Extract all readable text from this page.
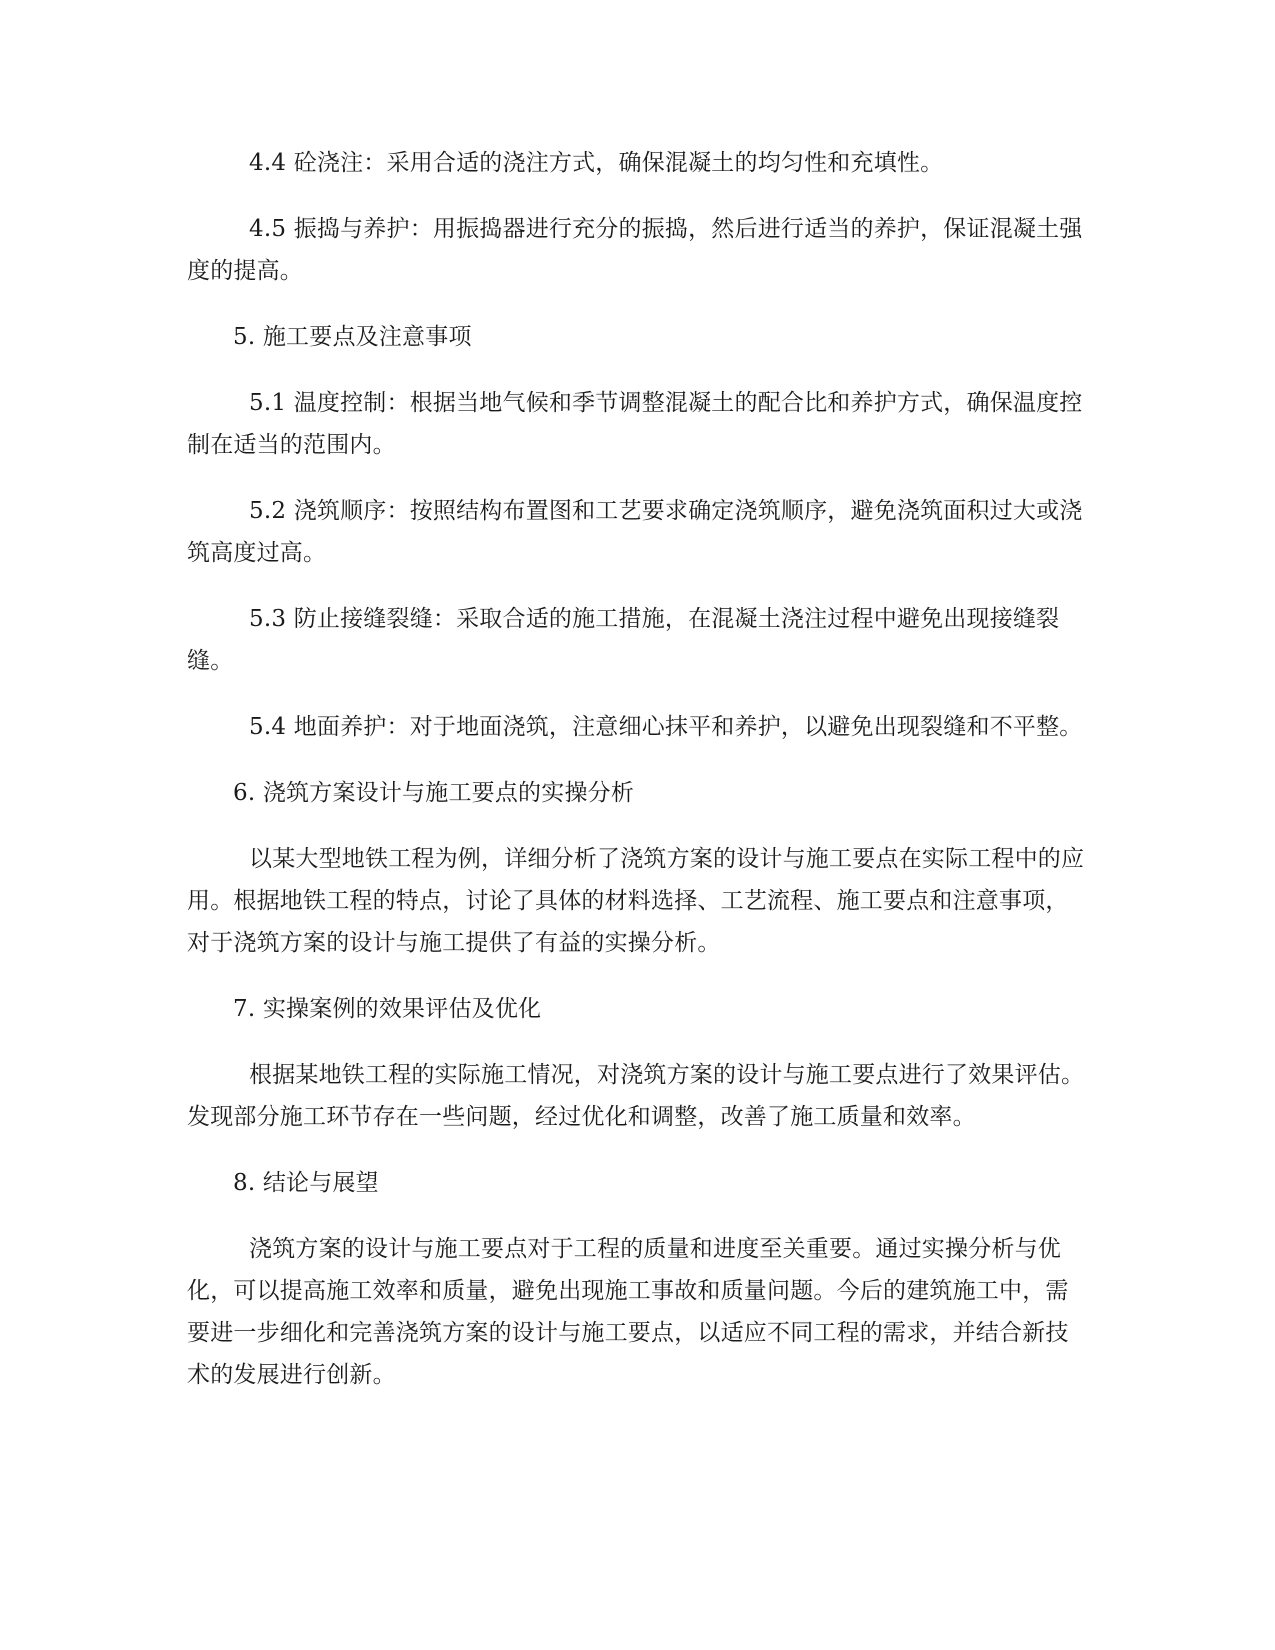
4.4 砼浇注：采用合适的浇注方式，确保混凝土的均匀性和充填性。

4.5 振捣与养护：用振捣器进行充分的振捣，然后进行适当的养护，保证混凝土强度的提高。

5. 施工要点及注意事项

5.1 温度控制：根据当地气候和季节调整混凝土的配合比和养护方式，确保温度控制在适当的范围内。

5.2 浇筑顺序：按照结构布置图和工艺要求确定浇筑顺序，避免浇筑面积过大或浇筑高度过高。

5.3 防止接缝裂缝：采取合适的施工措施，在混凝土浇注过程中避免出现接缝裂缝。

5.4 地面养护：对于地面浇筑，注意细心抹平和养护，以避免出现裂缝和不平整。

6. 浇筑方案设计与施工要点的实操分析

以某大型地铁工程为例，详细分析了浇筑方案的设计与施工要点在实际工程中的应用。根据地铁工程的特点，讨论了具体的材料选择、工艺流程、施工要点和注意事项，对于浇筑方案的设计与施工提供了有益的实操分析。

7. 实操案例的效果评估及优化

根据某地铁工程的实际施工情况，对浇筑方案的设计与施工要点进行了效果评估。发现部分施工环节存在一些问题，经过优化和调整，改善了施工质量和效率。

8. 结论与展望

浇筑方案的设计与施工要点对于工程的质量和进度至关重要。通过实操分析与优化，可以提高施工效率和质量，避免出现施工事故和质量问题。今后的建筑施工中，需要进一步细化和完善浇筑方案的设计与施工要点，以适应不同工程的需求，并结合新技术的发展进行创新。
